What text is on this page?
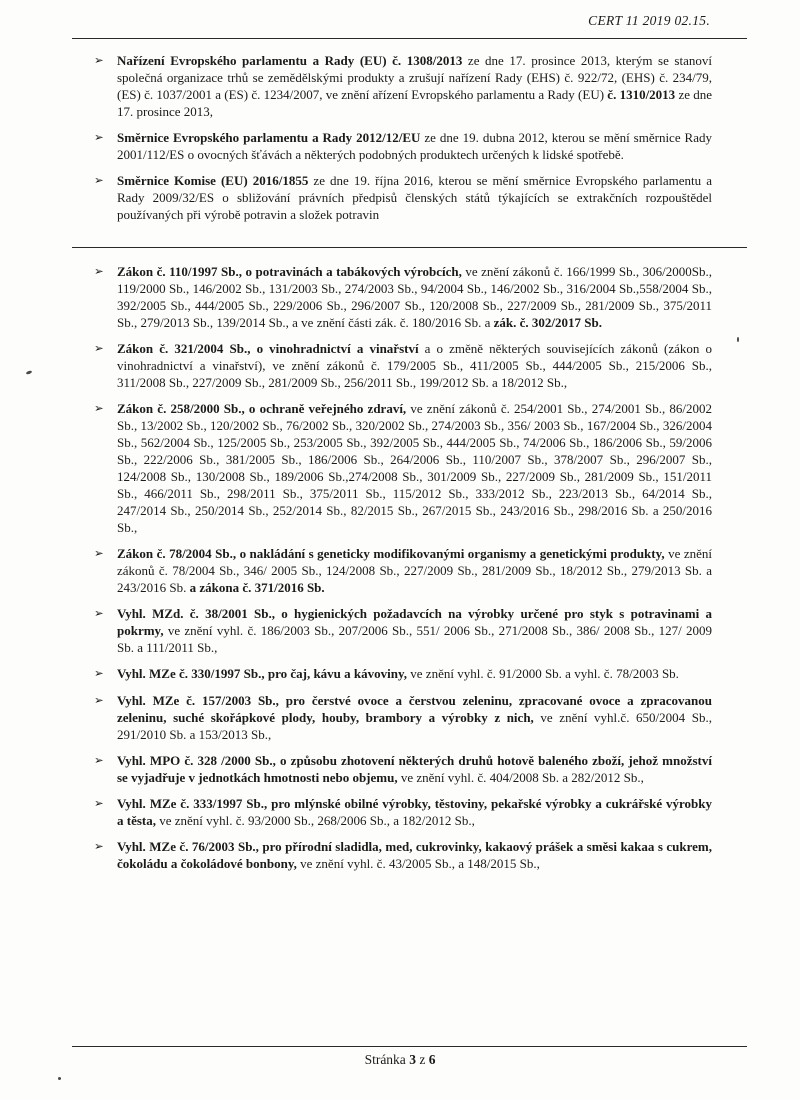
CERT 11 2019 02.15.
➢	Nařízení Evropského parlamentu a Rady (EU) č. 1308/2013 ze dne 17. prosince 2013, kterým se stanoví společná organizace trhů se zemědělskými produkty a zrušují nařízení Rady (EHS) č. 922/72, (EHS) č. 234/79, (ES) č. 1037/2001 a (ES) č. 1234/2007, ve znění ařízení Evropského parlamentu a Rady (EU) č. 1310/2013 ze dne 17. prosince 2013,
➢	Směrnice Evropského parlamentu a Rady 2012/12/EU ze dne 19. dubna 2012, kterou se mění směrnice Rady 2001/112/ES o ovocných šťávách a některých podobných produktech určených k lidské spotřebě.
➢	Směrnice Komise (EU) 2016/1855 ze dne 19. října 2016, kterou se mění směrnice Evropského parlamentu a Rady 2009/32/ES o sbližování právních předpisů členských států týkajících se extrakčních rozpouštědel používaných při výrobě potravin a složek potravin
➢	Zákon č. 110/1997 Sb., o potravinách a tabákových výrobcích, ve znění zákonů č. 166/1999 Sb., 306/2000Sb., 119/2000 Sb., 146/2002 Sb., 131/2003 Sb., 274/2003 Sb., 94/2004 Sb., 146/2002 Sb., 316/2004 Sb.,558/2004 Sb., 392/2005 Sb., 444/2005 Sb., 229/2006 Sb., 296/2007 Sb., 120/2008 Sb., 227/2009 Sb., 281/2009 Sb., 375/2011 Sb., 279/2013 Sb., 139/2014 Sb., a ve znění části zák. č. 180/2016 Sb. a zák. č. 302/2017 Sb.
➢	Zákon č. 321/2004 Sb., o vinohradnictví a vinařství a o změně některých souvisejících zákonů (zákon o vinohradnictví a vinařství), ve znění zákonů č. 179/2005 Sb., 411/2005 Sb., 444/2005 Sb., 215/2006 Sb., 311/2008 Sb., 227/2009 Sb., 281/2009 Sb., 256/2011 Sb., 199/2012 Sb. a 18/2012 Sb.,
➢	Zákon č. 258/2000 Sb., o ochraně veřejného zdraví, ve znění zákonů č. 254/2001 Sb., 274/2001 Sb., 86/2002 Sb., 13/2002 Sb., 120/2002 Sb., 76/2002 Sb., 320/2002 Sb., 274/2003 Sb., 356/ 2003 Sb., 167/2004 Sb., 326/2004 Sb., 562/2004 Sb., 125/2005 Sb., 253/2005 Sb., 392/2005 Sb., 444/2005 Sb., 74/2006 Sb., 186/2006 Sb., 59/2006 Sb., 222/2006 Sb., 381/2005 Sb., 186/2006 Sb., 264/2006 Sb., 110/2007 Sb., 378/2007 Sb., 296/2007 Sb., 124/2008 Sb., 130/2008 Sb., 189/2006 Sb.,274/2008 Sb., 301/2009 Sb., 227/2009 Sb., 281/2009 Sb., 151/2011 Sb., 466/2011 Sb., 298/2011 Sb., 375/2011 Sb., 115/2012 Sb., 333/2012 Sb., 223/2013 Sb., 64/2014 Sb., 247/2014 Sb., 250/2014 Sb., 252/2014 Sb., 82/2015 Sb., 267/2015 Sb., 243/2016 Sb., 298/2016 Sb. a 250/2016 Sb.,
➢	Zákon č. 78/2004 Sb., o nakládání s geneticky modifikovanými organismy a genetickými produkty, ve znění zákonů č. 78/2004 Sb., 346/ 2005 Sb., 124/2008 Sb., 227/2009 Sb., 281/2009 Sb., 18/2012 Sb., 279/2013 Sb. a 243/2016 Sb. a zákona č. 371/2016 Sb.
➢	Vyhl. MZd. č. 38/2001 Sb., o hygienických požadavcích na výrobky určené pro styk s potravinami a pokrmy, ve znění vyhl. č. 186/2003 Sb., 207/2006 Sb., 551/ 2006 Sb., 271/2008 Sb., 386/ 2008 Sb., 127/ 2009 Sb. a 111/2011 Sb.,
➢	Vyhl. MZe č. 330/1997 Sb., pro čaj, kávu a kávoviny, ve znění vyhl. č. 91/2000 Sb. a vyhl. č. 78/2003 Sb.
➢	Vyhl. MZe č. 157/2003 Sb., pro čerstvé ovoce a čerstvou zeleninu, zpracované ovoce a zpracovanou zeleninu, suché skořápkové plody, houby, brambory a výrobky z nich, ve znění vyhl.č. 650/2004 Sb., 291/2010 Sb. a 153/2013 Sb.,
➢	Vyhl. MPO č. 328 /2000 Sb., o způsobu zhotovení některých druhů hotově baleného zboží, jehož množství se vyjadřuje v jednotkách hmotnosti nebo objemu, ve znění vyhl. č. 404/2008 Sb. a 282/2012 Sb.,
➢	Vyhl. MZe č. 333/1997 Sb., pro mlýnské obilné výrobky, těstoviny, pekařské výrobky a cukrářské výrobky a těsta, ve znění vyhl. č. 93/2000 Sb., 268/2006 Sb., a 182/2012 Sb.,
➢	Vyhl. MZe č. 76/2003 Sb., pro přírodní sladidla, med, cukrovinky, kakaový prášek a směsi kakaa s cukrem, čokoládu a čokoládové bonbony, ve znění vyhl. č. 43/2005 Sb., a 148/2015 Sb.,
Stránka 3 z 6
